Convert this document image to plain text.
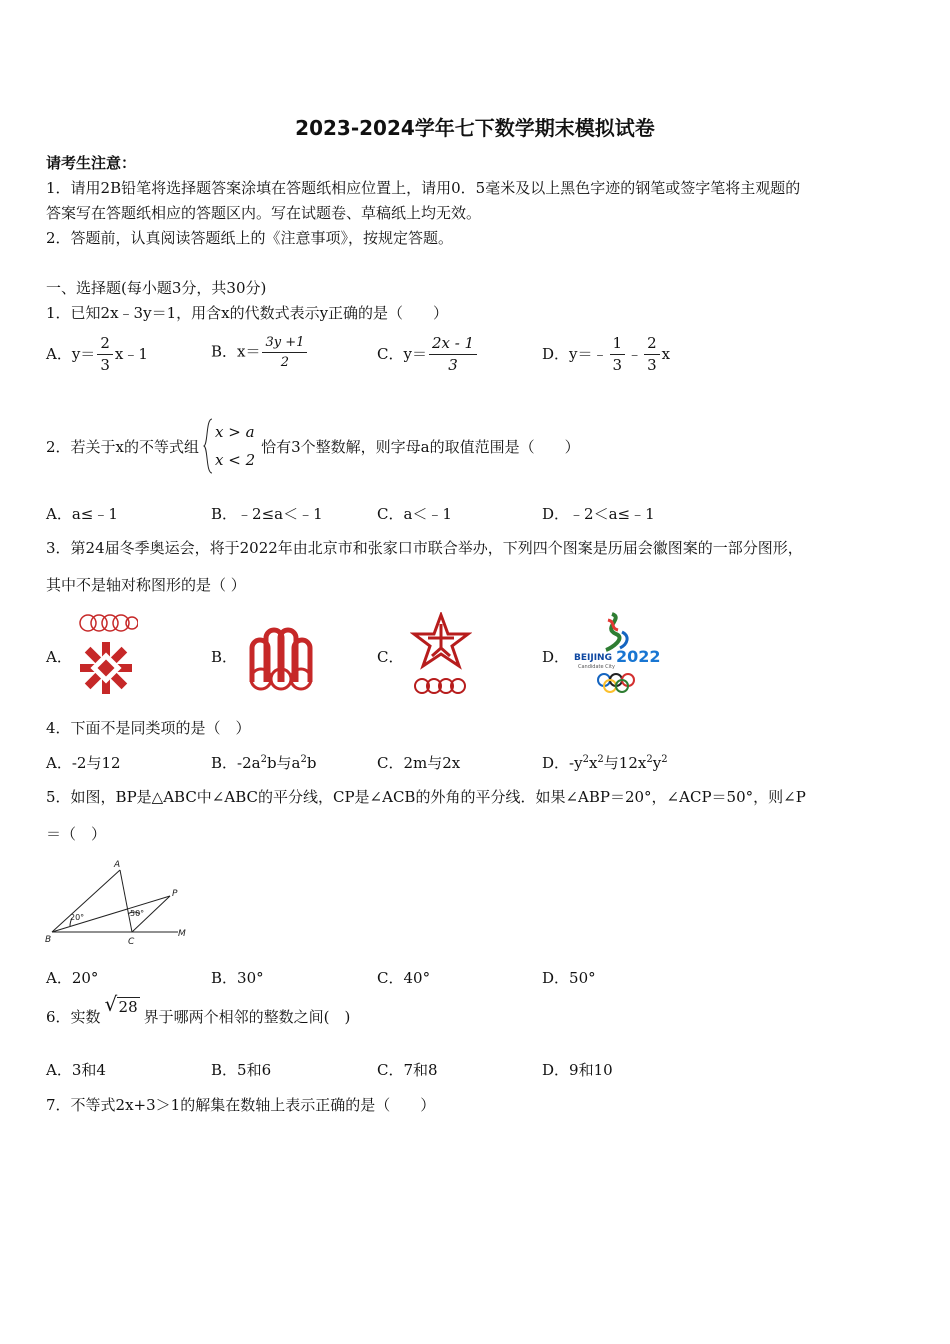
2023-2024学年七下数学期末模拟试卷
请考生注意：
1．请用2B铅笔将选择题答案涂填在答题纸相应位置上，请用0．5毫米及以上黑色字迹的钢笔或签字笔将主观题的
答案写在答题纸相应的答题区内。写在试题卷、草稿纸上均无效。
2．答题前，认真阅读答题纸上的《注意事项》，按规定答题。
一、选择题(每小题3分，共30分)
1．已知2x﹣3y＝1，用含x的代数式表示y正确的是（　　）
A．$y= \frac{2}{3}$ x﹣1	B．$x= \frac{3y +1}{2}$	C．$y= \frac{2x - 1}{3}$	D．y＝﹣ $\frac{1}{3}$ ﹣ $\frac{2}{3}$ x
2．若关于x的不等式组
x > a
x < 2
恰有3个整数解，则字母a的取值范围是（　　）
A．a≤﹣1	B．﹣2≤a＜﹣1	C．a＜﹣1	D．﹣2＜a≤﹣1
3．第24届冬季奥运会，将于2022年由北京市和张家口市联合举办，下列四个图案是历届会徽图案的一部分图形，
其中不是轴对称图形的是（ ）
A．	B．	C．	D． BEIJING 2022
Candidate City
4．下面不是同类项的是（　）
A．-2与12	B．$-2a^2b$与$a^2b$	C．2m与2x	D．$-y^2x^2$与$12x^2y^2$
5．如图，BP是△ABC中∠ABC的平分线，CP是∠ACB的外角的平分线．如果∠ABP＝20°，∠ACP＝50°，则∠P
＝（　）
A
B	C
P
M
20°	50°
A．20°	B．30°	C．40°	D．50°
6．实数
√ 28界于哪两个相邻的整数之间(　)
A．3和4	B．5和6	C．7和8	D．9和10
7．不等式2x+3＞1的解集在数轴上表示正确的是（　　）
